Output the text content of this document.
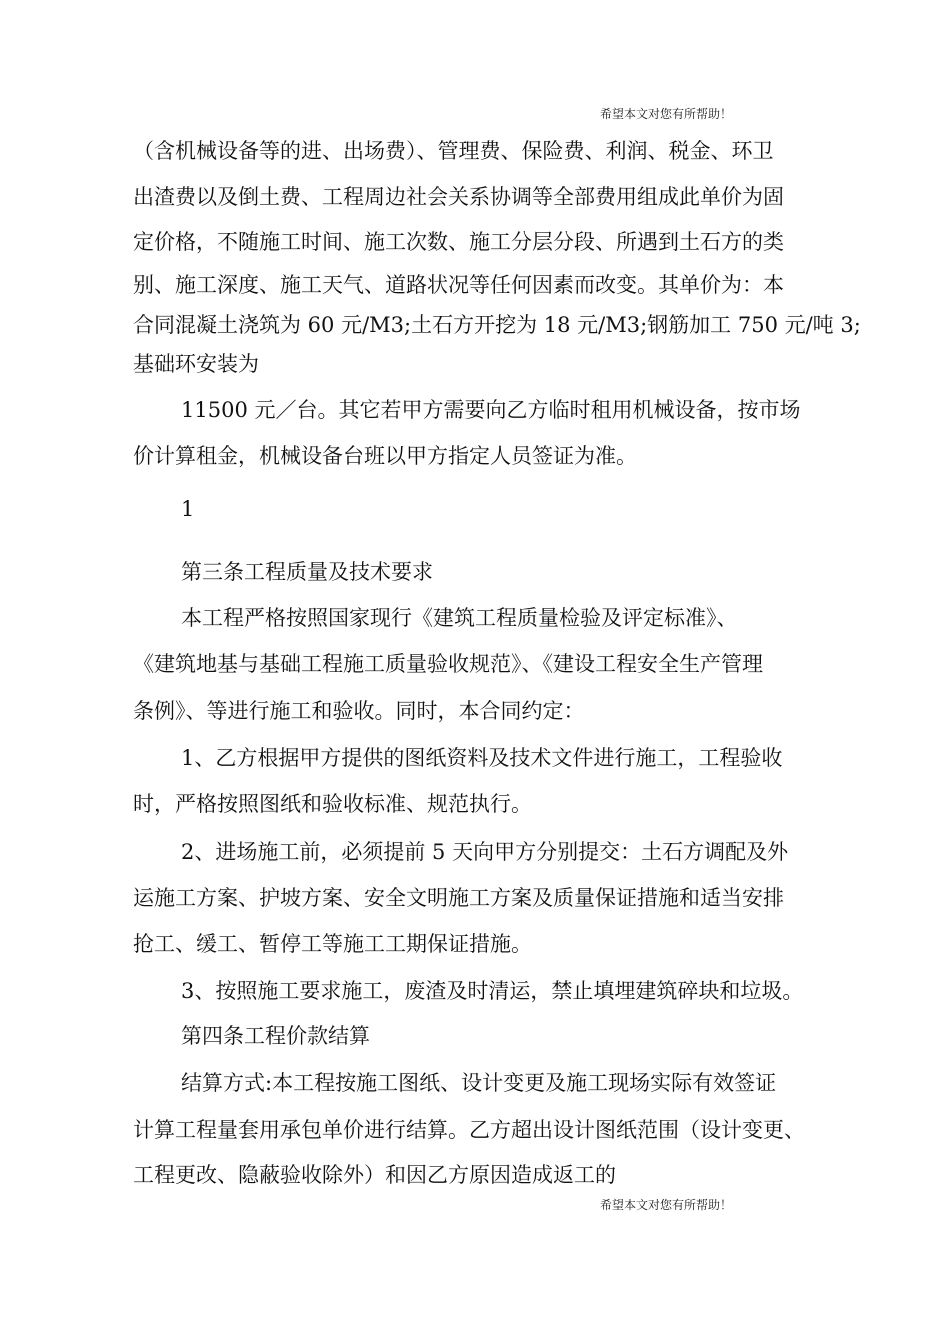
希望本文对您有所帮助！
（含机械设备等的进、出场费）、管理费、保险费、利润、税金、环卫
出渣费以及倒土费、工程周边社会关系协调等全部费用组成此单价为固
定价格，不随施工时间、施工次数、施工分层分段、所遇到土石方的类
别、施工深度、施工天气、道路状况等任何因素而改变。其单价为：本
合同混凝土浇筑为 60 元/M3;土石方开挖为 18 元/M3;钢筋加工 750 元/吨 3;
基础环安装为
11500 元／台。其它若甲方需要向乙方临时租用机械设备，按市场
价计算租金，机械设备台班以甲方指定人员签证为准。
1
第三条工程质量及技术要求
本工程严格按照国家现行《建筑工程质量检验及评定标准》、
《建筑地基与基础工程施工质量验收规范》、《建设工程安全生产管理
条例》、等进行施工和验收。同时，本合同约定：
1、乙方根据甲方提供的图纸资料及技术文件进行施工，工程验收
时，严格按照图纸和验收标准、规范执行。
2、进场施工前，必须提前 5 天向甲方分别提交：土石方调配及外
运施工方案、护坡方案、安全文明施工方案及质量保证措施和适当安排
抢工、缓工、暂停工等施工工期保证措施。
3、按照施工要求施工，废渣及时清运，禁止填埋建筑碎块和垃圾。
第四条工程价款结算
结算方式:本工程按施工图纸、设计变更及施工现场实际有效签证
计算工程量套用承包单价进行结算。乙方超出设计图纸范围（设计变更、
工程更改、隐蔽验收除外）和因乙方原因造成返工的
希望本文对您有所帮助！
